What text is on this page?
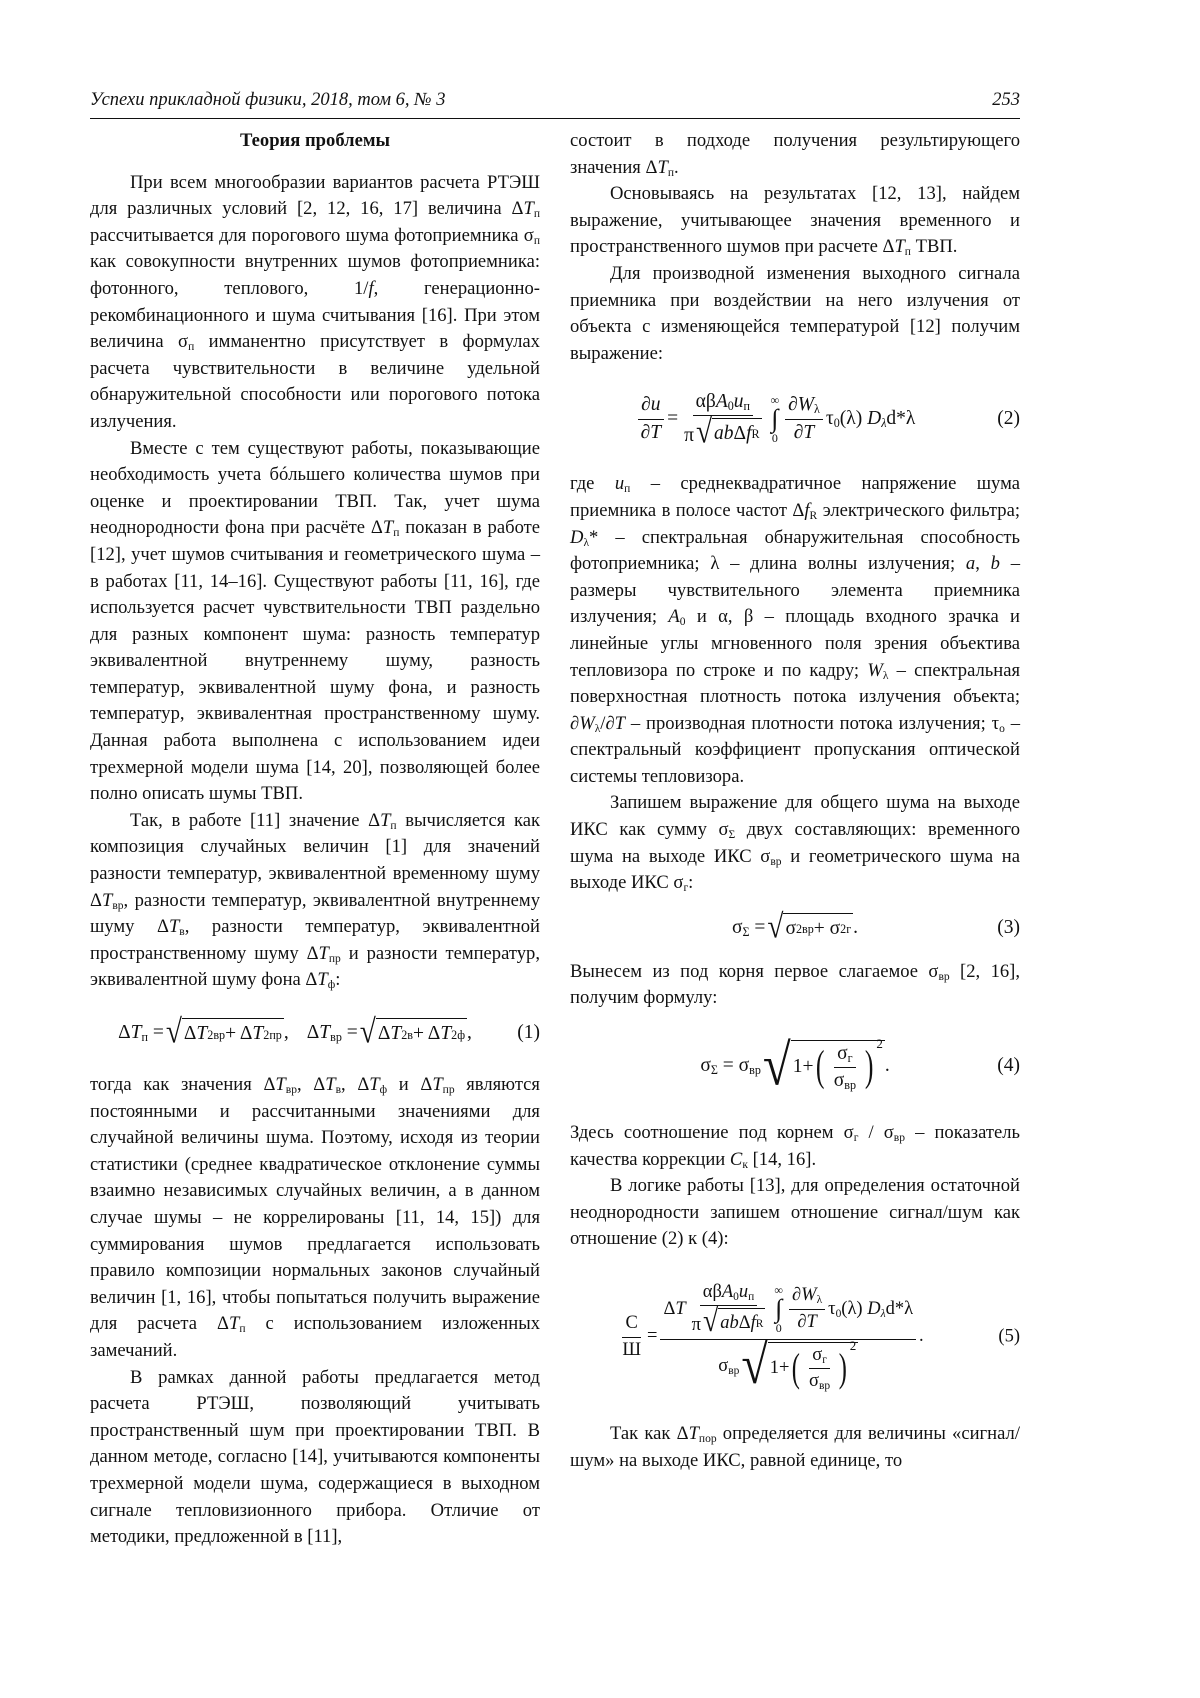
Успехи прикладной физики, 2018, том 6, № 3	253
Теория проблемы

При всем многообразии вариантов расчета РТЭШ для различных условий [2, 12, 16, 17] величина ΔTп рассчитывается для порогового шума фотоприемника σп как совокупности внутренних шумов фотоприемника: фотонного, теплового, 1/f, генерационно-рекомбинационного и шума считывания [16]. При этом величина σп имманентно присутствует в формулах расчета чувствительности в величине удельной обнаружительной способности или порогового потока излучения.

Вместе с тем существуют работы, показывающие необходимость учета бóльшего количества шумов при оценке и проектировании ТВП. Так, учет шума неоднородности фона при расчёте ΔTп показан в работе [12], учет шумов считывания и геометрического шума – в работах [11, 14–16]. Существуют работы [11, 16], где используется расчет чувствительности ТВП раздельно для разных компонент шума: разность температур эквивалентной внутреннему шуму, разность температур, эквивалентной шуму фона, и разность температур, эквивалентная пространственному шуму. Данная работа выполнена с использованием идеи трехмерной модели шума [14, 20], позволяющей более полно описать шумы ТВП.

Так, в работе [11] значение ΔTп вычисляется как композиция случайных величин [1] для значений разности температур, эквивалентной временному шуму ΔTвр, разности температур, эквивалентной внутреннему шуму ΔTв, разности температур, эквивалентной пространственному шуму ΔTпр и разности температур, эквивалентной шуму фона ΔTф:

ΔTп = √ Δ T 2 вр + Δ T 2 пр , ΔTвр = √ Δ T 2 в + Δ T 2 ф , (1)

тогда как значения ΔTвр, ΔTв, ΔTф и ΔTпр являются постоянными и рассчитанными значениями для случайной величины шума. Поэтому, исходя из теории статистики (среднее квадратическое отклонение суммы взаимно независимых случайных величин, а в данном случае шумы – не коррелированы [11, 14, 15]) для суммирования шумов предлагается использовать правило композиции нормальных законов случайный величин [1, 16], чтобы попытаться получить выражение для расчета ΔTп с использованием изложенных замечаний.

В рамках данной работы предлагается метод расчета РТЭШ, позволяющий учитывать пространственный шум при проектировании ТВП. В данном методе, согласно [14], учитываются компоненты трехмерной модели шума, содержащиеся в выходном сигнале тепловизионного прибора. Отличие от методики, предложенной в [11],

состоит в подходе получения результирующего значения ΔTп.

Основываясь на результатах [12, 13], найдем выражение, учитывающее значения временного и пространственного шумов при расчете ΔTп ТВП.

Для производной изменения выходного сигнала приемника при воздействии на него излучения от объекта с изменяющейся температурой [12] получим выражение:

∂u
∂T
=
αβA0uп
π √ ab Δ f R
∞
∫
0
∂Wλ
∂T
τ0(λ) Dλd*λ	(2)

где uп – среднеквадратичное напряжение шума приемника в полосе частот ΔfR электрического фильтра; Dλ* – спектральная обнаружительная способность фотоприемника; λ – длина волны излучения; a, b – размеры чувствительного элемента приемника излучения; A0 и α, β – площадь входного зрачка и линейные углы мгновенного поля зрения объектива тепловизора по строке и по кадру; Wλ – спектральная поверхностная плотность потока излучения объекта; ∂Wλ/∂T – производная плотности потока излучения; τо – спектральный коэффициент пропускания оптической системы тепловизора.

Запишем выражение для общего шума на выходе ИКС как сумму σΣ двух составляющих: временного шума на выходе ИКС σвр и геометрического шума на выходе ИКС σг:

σΣ = √ σ 2 вр + σ 2 г .	(3)

Вынесем из под корня первое слагаемое σвр [2, 16], получим формулу:

σΣ = σвр √ 1+ ( σг
σвр ) 2
.	(4)

Здесь соотношение под корнем σг / σвр – показатель качества коррекции Cк [14, 16].

В логике работы [13], для определения остаточной неоднородности запишем отношение сигнал/шум как отношение (2) к (4):

С
Ш
=
ΔT
αβA0uп
π √ ab Δ f R
∞
∫
0
∂Wλ
∂T
τ0(λ) Dλd*λ
σвр √ 1+ ( σг
σвр ) 2	.	(5)

Так как ΔTпор определяется для величины «сигнал/шум» на выходе ИКС, равной единице, то
